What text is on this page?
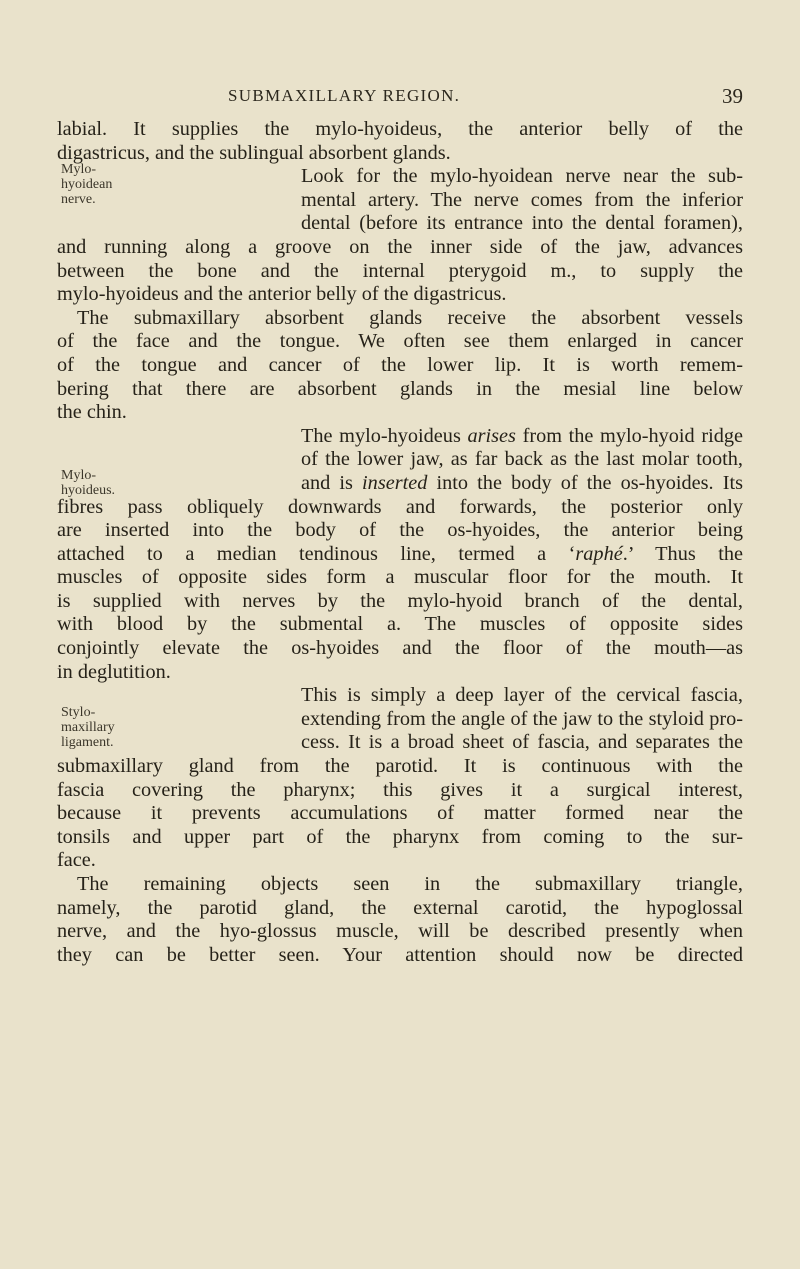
SUBMAXILLARY REGION.	39
Mylo-
hyoidean
nerve.
Mylo-
hyoideus.
Stylo-
maxillary
ligament.
labial. It supplies the mylo-hyoideus, the anterior belly of the
digastricus, and the sublingual absorbent glands.
Look for the mylo-hyoidean nerve near the sub-
mental artery. The nerve comes from the inferior
dental (before its entrance into the dental foramen),
and running along a groove on the inner side of the jaw, advances
between the bone and the internal pterygoid m., to supply the
mylo-hyoideus and the anterior belly of the digastricus.
The submaxillary absorbent glands receive the absorbent vessels
of the face and the tongue. We often see them enlarged in cancer
of the tongue and cancer of the lower lip. It is worth remem-
bering that there are absorbent glands in the mesial line below
the chin.
The mylo-hyoideus arises from the mylo-hyoid ridge
of the lower jaw, as far back as the last molar tooth,
and is inserted into the body of the os-hyoides. Its
fibres pass obliquely downwards and forwards, the posterior only
are inserted into the body of the os-hyoides, the anterior being
attached to a median tendinous line, termed a ‘raphé.’ Thus the
muscles of opposite sides form a muscular floor for the mouth. It
is supplied with nerves by the mylo-hyoid branch of the dental,
with blood by the submental a. The muscles of opposite sides
conjointly elevate the os-hyoides and the floor of the mouth—as
in deglutition.
This is simply a deep layer of the cervical fascia,
extending from the angle of the jaw to the styloid pro-
cess. It is a broad sheet of fascia, and separates the
submaxillary gland from the parotid. It is continuous with the
fascia covering the pharynx; this gives it a surgical interest,
because it prevents accumulations of matter formed near the
tonsils and upper part of the pharynx from coming to the sur-
face.
The remaining objects seen in the submaxillary triangle,
namely, the parotid gland, the external carotid, the hypoglossal
nerve, and the hyo-glossus muscle, will be described presently when
they can be better seen. Your attention should now be directed
